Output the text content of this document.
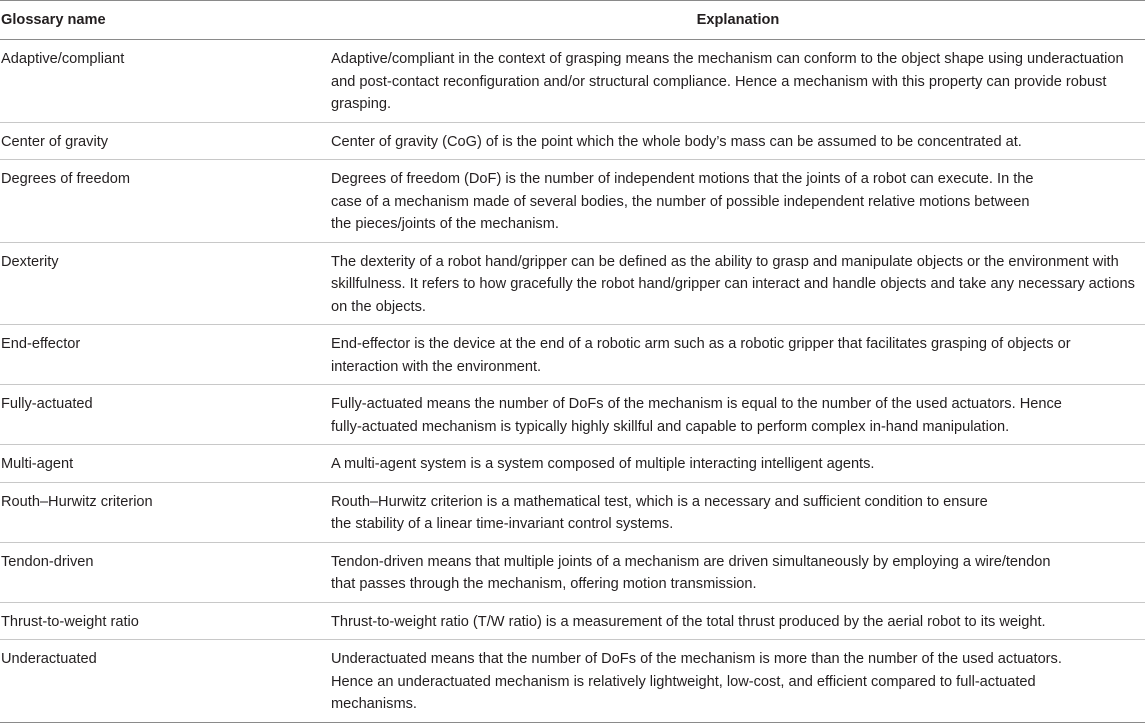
Glossary name	Explanation
Adaptive/compliant	Adaptive/compliant in the context of grasping means the mechanism can conform to the object shape using underactuation
and post-contact reconfiguration and/or structural compliance. Hence a mechanism with this property can provide robust
grasping.

Center of gravity	Center of gravity (CoG) of is the point which the whole body’s mass can be assumed to be concentrated at.

Degrees of freedom	Degrees of freedom (DoF) is the number of independent motions that the joints of a robot can execute. In the
case of a mechanism made of several bodies, the number of possible independent relative motions between
the pieces/joints of the mechanism.

Dexterity	The dexterity of a robot hand/gripper can be defined as the ability to grasp and manipulate objects or the environment with
skillfulness. It refers to how gracefully the robot hand/gripper can interact and handle objects and take any necessary actions
on the objects.

End-effector	End-effector is the device at the end of a robotic arm such as a robotic gripper that facilitates grasping of objects or
interaction with the environment.

Fully-actuated	Fully-actuated means the number of DoFs of the mechanism is equal to the number of the used actuators. Hence
fully-actuated mechanism is typically highly skillful and capable to perform complex in-hand manipulation.

Multi-agent	A multi-agent system is a system composed of multiple interacting intelligent agents.

Routh–Hurwitz criterion	Routh–Hurwitz criterion is a mathematical test, which is a necessary and sufficient condition to ensure
the stability of a linear time-invariant control systems.

Tendon-driven	Tendon-driven means that multiple joints of a mechanism are driven simultaneously by employing a wire/tendon
that passes through the mechanism, offering motion transmission.

Thrust-to-weight ratio	Thrust-to-weight ratio (T/W ratio) is a measurement of the total thrust produced by the aerial robot to its weight.

Underactuated	Underactuated means that the number of DoFs of the mechanism is more than the number of the used actuators.
Hence an underactuated mechanism is relatively lightweight, low-cost, and efficient compared to full-actuated
mechanisms.
